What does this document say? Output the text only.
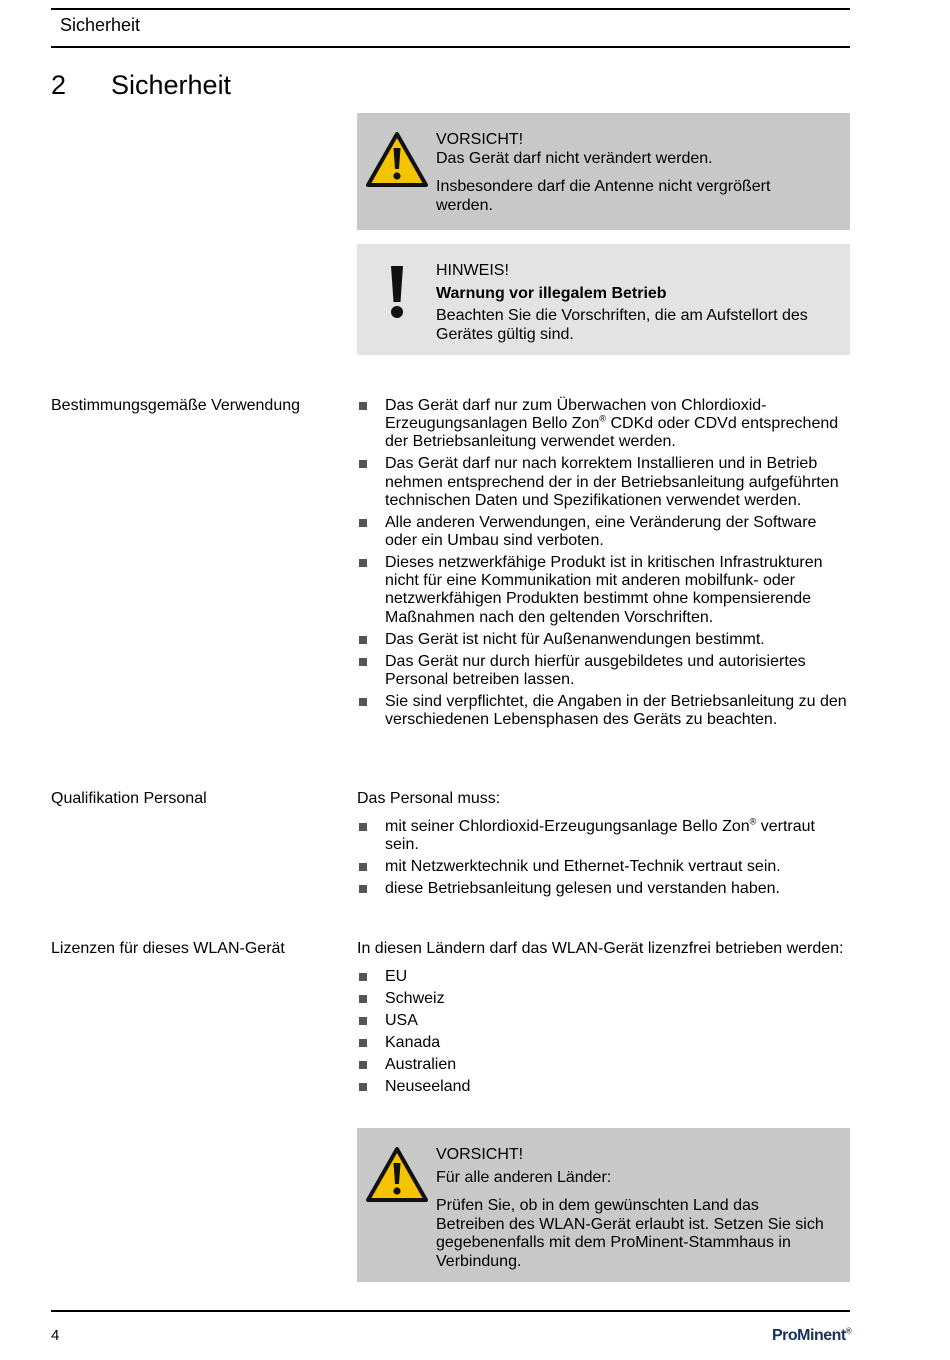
Sicherheit
2 Sicherheit

VORSICHT!

Das Gerät darf nicht verändert werden.

Insbesondere darf die Antenne nicht vergrößert werden.

HINWEIS!

Warnung vor illegalem Betrieb

Beachten Sie die Vorschriften, die am Aufstellort des Gerätes gültig sind.

Bestimmungsgemäße Verwendung	Das Gerät darf nur zum Überwachen von Chlordioxid-Erzeugungsanlagen Bello Zon® CDKd oder CDVd entsprechend der Betriebsanleitung verwendet werden.
Das Gerät darf nur nach korrektem Installieren und in Betrieb nehmen entsprechend der in der Betriebsanleitung aufgeführten technischen Daten und Spezifikationen verwendet werden.
Alle anderen Verwendungen, eine Veränderung der Software oder ein Umbau sind verboten.
Dieses netzwerkfähige Produkt ist in kritischen Infrastrukturen nicht für eine Kommunikation mit anderen mobilfunk- oder netzwerkfähigen Produkten bestimmt ohne kompensierende Maßnahmen nach den geltenden Vorschriften.
Das Gerät ist nicht für Außenanwendungen bestimmt.
Das Gerät nur durch hierfür ausgebildetes und autorisiertes Personal betreiben lassen.
Sie sind verpflichtet, die Angaben in der Betriebsanleitung zu den verschiedenen Lebensphasen des Geräts zu beachten.
Qualifikation Personal	Das Personal muss:

mit seiner Chlordioxid-Erzeugungsanlage Bello Zon® vertraut sein.
mit Netzwerktechnik und Ethernet-Technik vertraut sein.
diese Betriebsanleitung gelesen und verstanden haben.
Lizenzen für dieses WLAN-Gerät	In diesen Ländern darf das WLAN-Gerät lizenzfrei betrieben werden:

EU
Schweiz
USA
Kanada
Australien
Neuseeland

VORSICHT!

Für alle anderen Länder:

Prüfen Sie, ob in dem gewünschten Land das Betreiben des WLAN-Gerät erlaubt ist. Setzen Sie sich gegebenenfalls mit dem ProMinent-Stammhaus in Verbindung.

4	ProMinent®
